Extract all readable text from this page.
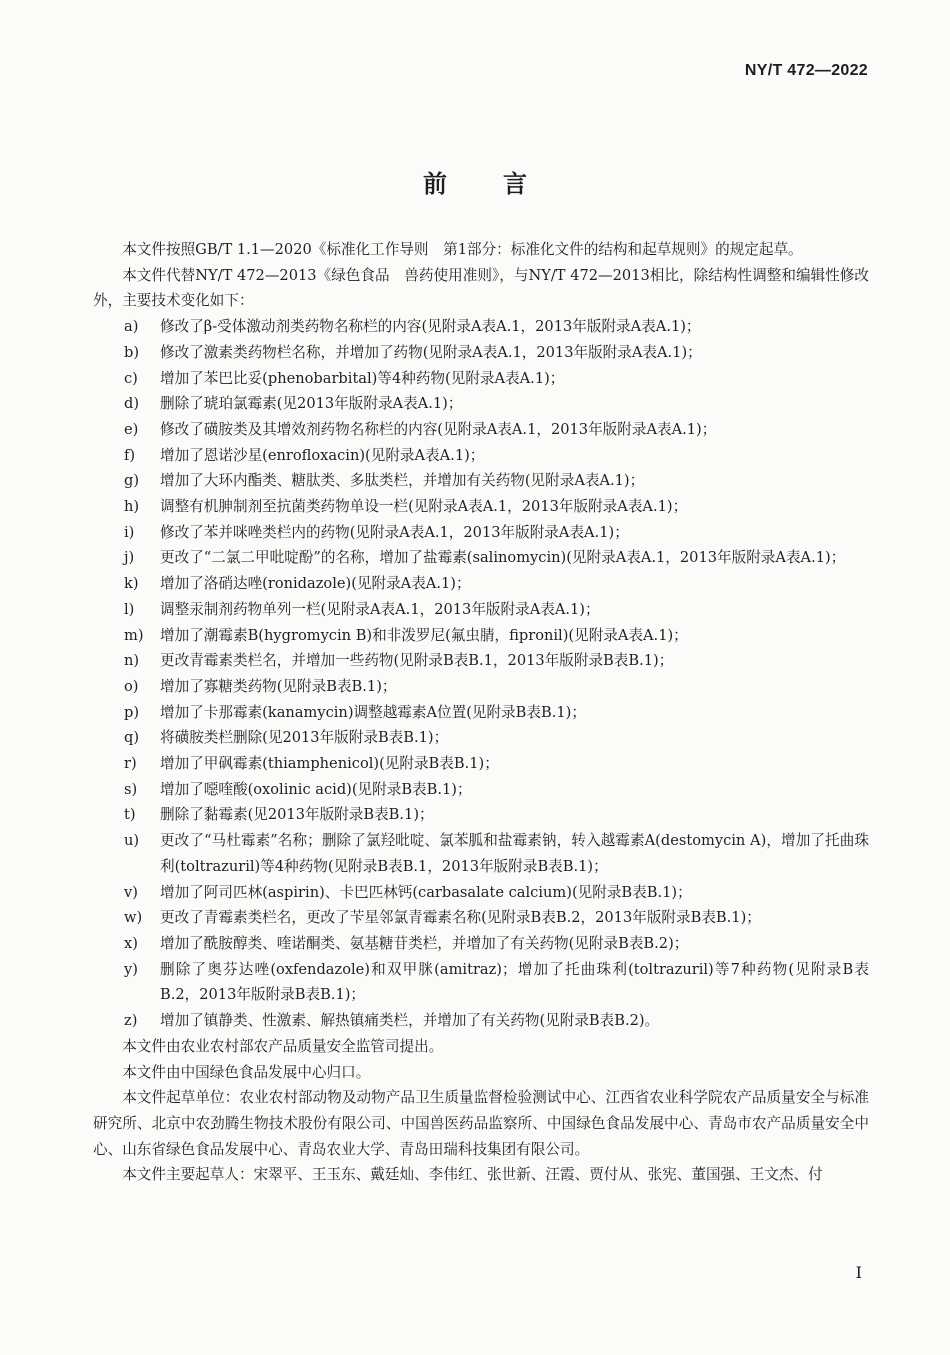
NY/T 472—2022
前言

本文件按照GB/T 1.1—2020《标准化工作导则　第1部分：标准化文件的结构和起草规则》的规定起草。

本文件代替NY/T 472—2013《绿色食品　兽药使用准则》，与NY/T 472—2013相比，除结构性调整和编辑性修改外，主要技术变化如下：

a) 修改了β-受体激动剂类药物名称栏的内容(见附录A表A.1，2013年版附录A表A.1)；
b) 修改了激素类药物栏名称，并增加了药物(见附录A表A.1，2013年版附录A表A.1)；
c) 增加了苯巴比妥(phenobarbital)等4种药物(见附录A表A.1)；
d) 删除了琥珀氯霉素(见2013年版附录A表A.1)；
e) 修改了磺胺类及其增效剂药物名称栏的内容(见附录A表A.1，2013年版附录A表A.1)；
f) 增加了恩诺沙星(enrofloxacin)(见附录A表A.1)；
g) 增加了大环内酯类、糖肽类、多肽类栏，并增加有关药物(见附录A表A.1)；
h) 调整有机胂制剂至抗菌类药物单设一栏(见附录A表A.1，2013年版附录A表A.1)；
i) 修改了苯并咪唑类栏内的药物(见附录A表A.1，2013年版附录A表A.1)；
j) 更改了“二氯二甲吡啶酚”的名称，增加了盐霉素(salinomycin)(见附录A表A.1，2013年版附录A表A.1)；
k) 增加了洛硝达唑(ronidazole)(见附录A表A.1)；
l) 调整汞制剂药物单列一栏(见附录A表A.1，2013年版附录A表A.1)；
m) 增加了潮霉素B(hygromycin B)和非泼罗尼(氟虫腈，fipronil)(见附录A表A.1)；
n) 更改青霉素类栏名，并增加一些药物(见附录B表B.1，2013年版附录B表B.1)；
o) 增加了寡糖类药物(见附录B表B.1)；
p) 增加了卡那霉素(kanamycin)调整越霉素A位置(见附录B表B.1)；
q) 将磺胺类栏删除(见2013年版附录B表B.1)；
r) 增加了甲砜霉素(thiamphenicol)(见附录B表B.1)；
s) 增加了噁喹酸(oxolinic acid)(见附录B表B.1)；
t) 删除了黏霉素(见2013年版附录B表B.1)；
u) 更改了“马杜霉素”名称；删除了氯羟吡啶、氯苯胍和盐霉素钠，转入越霉素A(destomycin A)，增加了托曲珠利(toltrazuril)等4种药物(见附录B表B.1，2013年版附录B表B.1)；
v) 增加了阿司匹林(aspirin)、卡巴匹林钙(carbasalate calcium)(见附录B表B.1)；
w) 更改了青霉素类栏名，更改了苄星邻氯青霉素名称(见附录B表B.2，2013年版附录B表B.1)；
x) 增加了酰胺醇类、喹诺酮类、氨基糖苷类栏，并增加了有关药物(见附录B表B.2)；
y) 删除了奥芬达唑(oxfendazole)和双甲脒(amitraz)；增加了托曲珠利(toltrazuril)等7种药物(见附录B表B.2，2013年版附录B表B.1)；
z) 增加了镇静类、性激素、解热镇痛类栏，并增加了有关药物(见附录B表B.2)。

本文件由农业农村部农产品质量安全监管司提出。

本文件由中国绿色食品发展中心归口。

本文件起草单位：农业农村部动物及动物产品卫生质量监督检验测试中心、江西省农业科学院农产品质量安全与标准研究所、北京中农劲腾生物技术股份有限公司、中国兽医药品监察所、中国绿色食品发展中心、青岛市农产品质量安全中心、山东省绿色食品发展中心、青岛农业大学、青岛田瑞科技集团有限公司。

本文件主要起草人：宋翠平、王玉东、戴廷灿、李伟红、张世新、汪霞、贾付从、张宪、董国强、王文杰、付

I
